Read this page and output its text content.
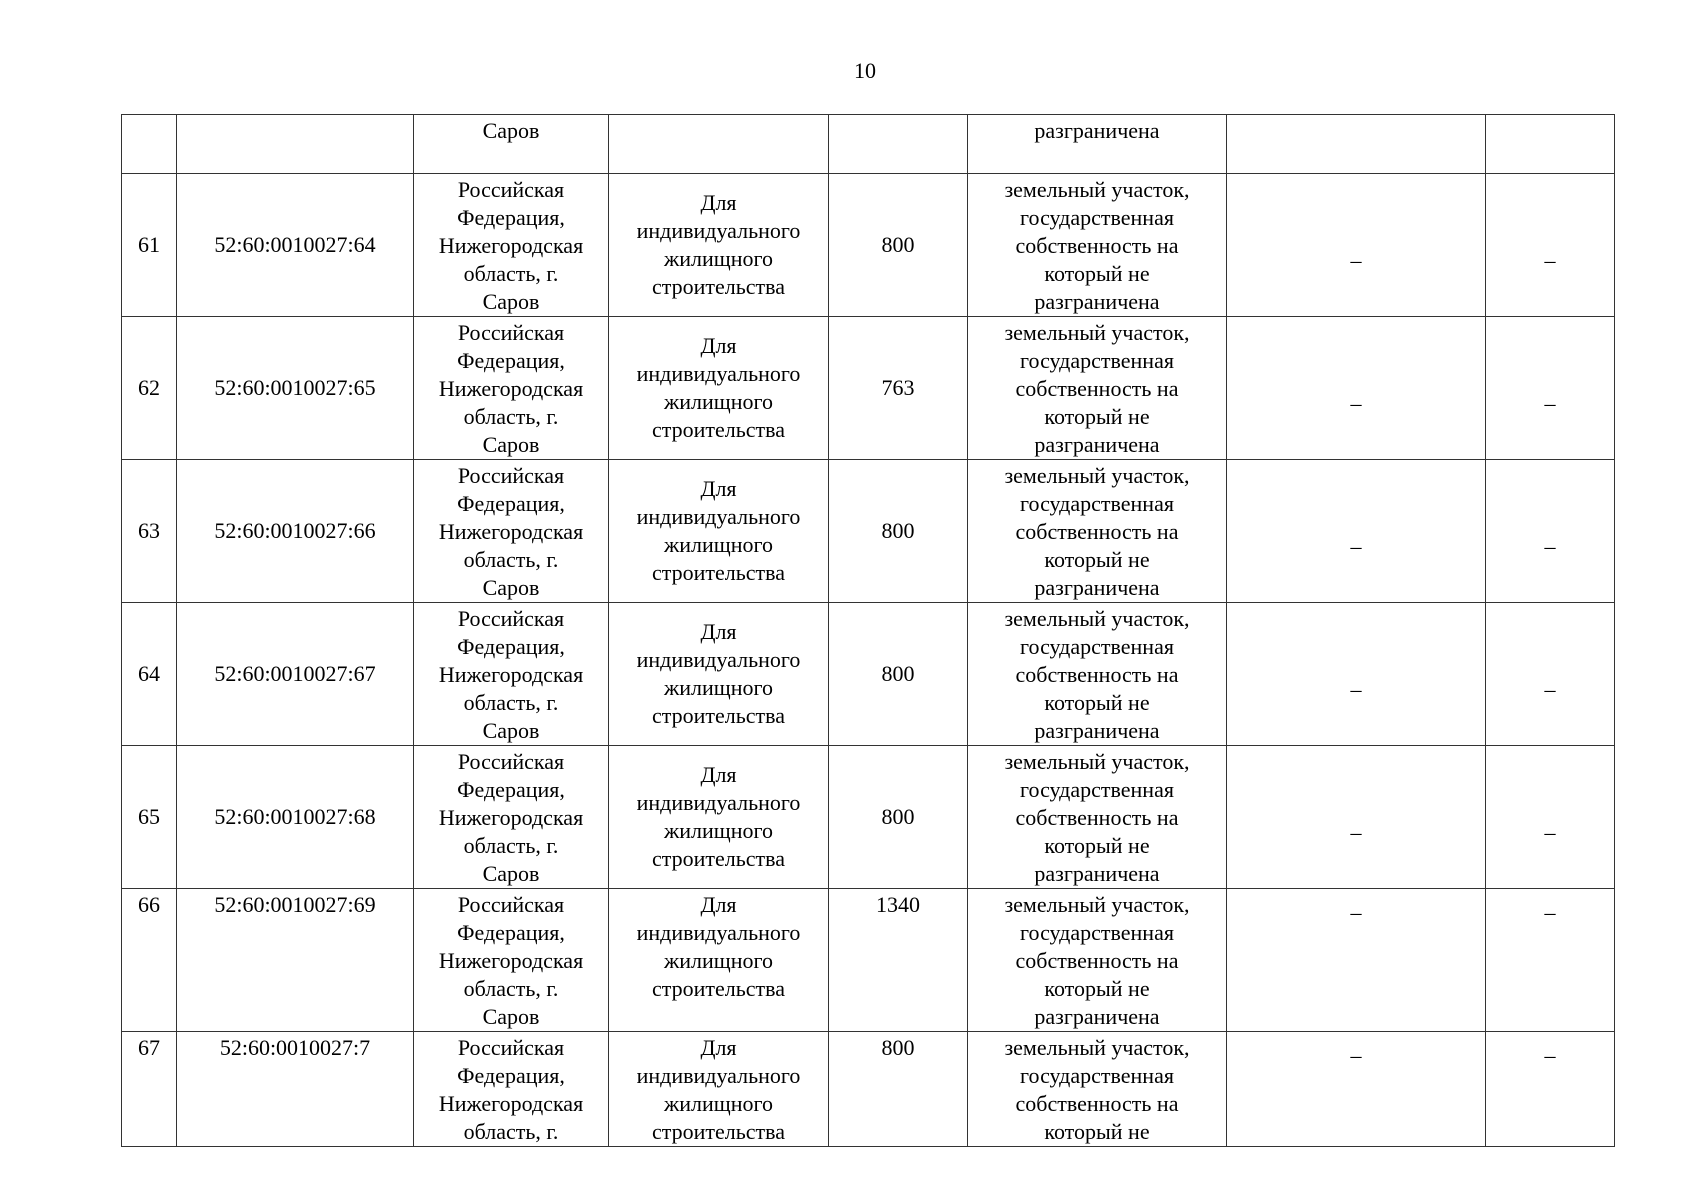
10
		Саров			разграничена		
61	52:60:0010027:64	Российская
Федерация,
Нижегородская
область, г.
Саров	Для
индивидуального
жилищного
строительства	800	земельный участок,
государственная
собственность на
который не
разграничена	_	_

62	52:60:0010027:65	Российская
Федерация,
Нижегородская
область, г.
Саров	Для
индивидуального
жилищного
строительства	763	земельный участок,
государственная
собственность на
который не
разграничена	_	_

63	52:60:0010027:66	Российская
Федерация,
Нижегородская
область, г.
Саров	Для
индивидуального
жилищного
строительства	800	земельный участок,
государственная
собственность на
который не
разграничена	_	_

64	52:60:0010027:67	Российская
Федерация,
Нижегородская
область, г.
Саров	Для
индивидуального
жилищного
строительства	800	земельный участок,
государственная
собственность на
который не
разграничена	_	_

65	52:60:0010027:68	Российская
Федерация,
Нижегородская
область, г.
Саров	Для
индивидуального
жилищного
строительства	800	земельный участок,
государственная
собственность на
который не
разграничена	_	_

66	52:60:0010027:69	Российская
Федерация,
Нижегородская
область, г.
Саров	Для
индивидуального
жилищного
строительства	1340	земельный участок,
государственная
собственность на
который не
разграничена	_	_
67	52:60:0010027:7	Российская
Федерация,
Нижегородская
область, г.	Для
индивидуального
жилищного
строительства	800	земельный участок,
государственная
собственность на
который не	_	_
